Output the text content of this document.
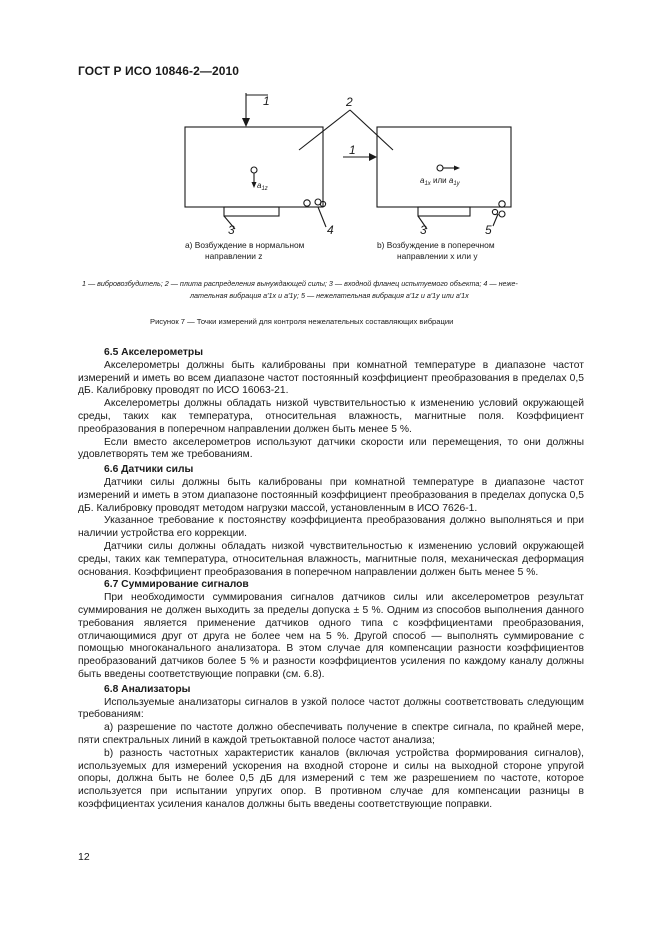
ГОСТ Р ИСО 10846-2—2010
1	2
1
3	3
4	5
$a_{1z}$
$a_{1x}$ или $a_{1y}$
a) Возбуждение в нормальном
направлении z
b) Возбуждение в поперечном
направлении x или y
1 — вибровозбудитель; 2 — плита распределения вынуждающей силы; 3 — входной фланец испытуемого объекта; 4 — неже-
лательная вибрация a′1x и a′1y; 5 — нежелательная вибрация a′1z и a′1y или a′1x
Рисунок 7 — Точки измерений для контроля нежелательных составляющих вибрации
6.5 Акселерометры
Акселерометры должны быть калиброваны при комнатной температуре в диапазоне частот измерений и иметь во всем диапазоне частот постоянный коэффициент преобразования в пределах 0,5 дБ. Калибровку проводят по ИСО 16063-21.
Акселерометры должны обладать низкой чувствительностью к изменению условий окружающей среды, таких как температура, относительная влажность, магнитные поля. Коэффициент преобразования в поперечном направлении должен быть менее 5 %.
Если вместо акселерометров используют датчики скорости или перемещения, то они должны удовлетворять тем же требованиям.
6.6 Датчики силы
Датчики силы должны быть калиброваны при комнатной температуре в диапазоне частот измерений и иметь в этом диапазоне постоянный коэффициент преобразования в пределах допуска 0,5 дБ. Калибровку проводят методом нагрузки массой, установленным в ИСО 7626-1.
Указанное требование к постоянству коэффициента преобразования должно выполняться и при наличии устройства его коррекции.
Датчики силы должны обладать низкой чувствительностью к изменению условий окружающей среды, таких как температура, относительная влажность, магнитные поля, механическая деформация основания. Коэффициент преобразования в поперечном направлении должен быть менее 5 %.
6.7 Суммирование сигналов
При необходимости суммирования сигналов датчиков силы или акселерометров результат суммирования не должен выходить за пределы допуска ± 5 %. Одним из способов выполнения данного требования является применение датчиков одного типа с коэффициентами преобразования, отличающимися друг от друга не более чем на 5 %. Другой способ — выполнять суммирование с помощью многоканального анализатора. В этом случае для компенсации разности коэффициентов преобразований датчиков более 5 % и разности коэффициентов усиления по каждому каналу должны быть введены соответствующие поправки (см. 6.8).
6.8 Анализаторы
Используемые анализаторы сигналов в узкой полосе частот должны соответствовать следующим требованиям:
а) разрешение по частоте должно обеспечивать получение в спектре сигнала, по крайней мере, пяти спектральных линий в каждой третьоктавной полосе частот анализа;
b) разность частотных характеристик каналов (включая устройства формирования сигналов), используемых для измерений ускорения на входной стороне и силы на выходной стороне упругой опоры, должна быть не более 0,5 дБ для измерений с тем же разрешением по частоте, которое используется при испытании упругих опор. В противном случае для компенсации разницы в коэффициентах усиления каналов должны быть введены соответствующие поправки.
12
